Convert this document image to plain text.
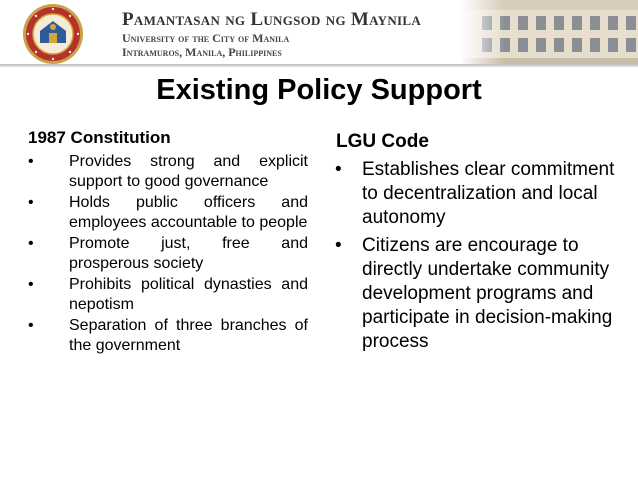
Pamantasan ng Lungsod ng Maynila
University of the City of Manila
Intramuros, Manila, Philippines
Existing Policy Support
1987 Constitution
• Provides strong and explicit support to good governance
• Holds public officers and employees accountable to people
• Promote just, free and prosperous society
• Prohibits political dynasties and nepotism
• Separation of three branches of the government
LGU Code
• Establishes clear commitment to decentralization and local autonomy
• Citizens are encourage to directly undertake community development programs and participate in decision-making process
